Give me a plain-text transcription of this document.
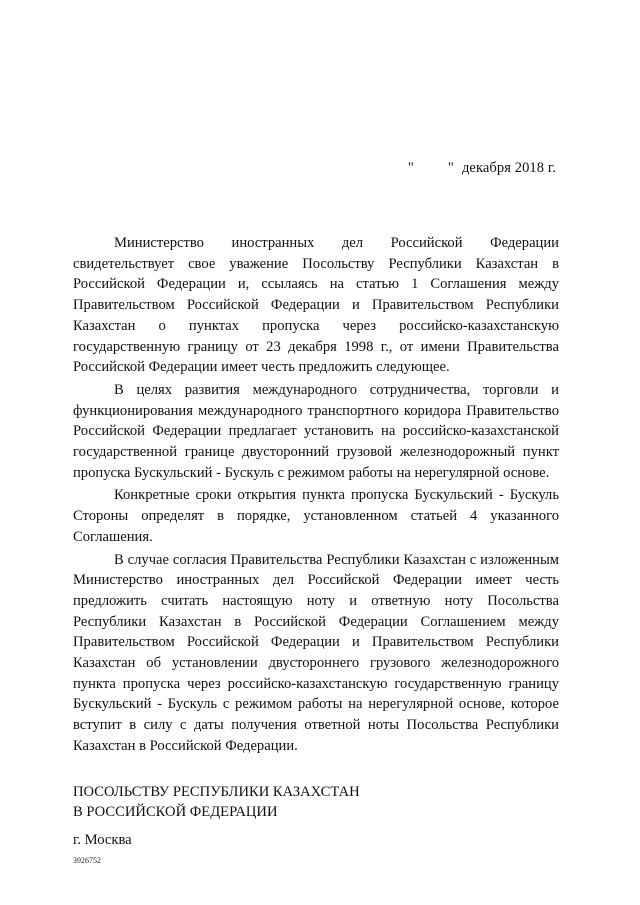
" " декабря 2018 г.

Министерство иностранных дел Российской Федерации свидетельствует свое уважение Посольству Республики Казахстан в Российской Федерации и, ссылаясь на статью 1 Соглашения между Правительством Российской Федерации и Правительством Республики Казахстан о пунктах пропуска через российско-казахстанскую государственную границу от 23 декабря 1998 г., от имени Правительства Российской Федерации имеет честь предложить следующее.

В целях развития международного сотрудничества, торговли и функционирования международного транспортного коридора Правительство Российской Федерации предлагает установить на российско-казахстанской государственной границе двусторонний грузовой железнодорожный пункт пропуска Бускульский - Бускуль с режимом работы на нерегулярной основе.

Конкретные сроки открытия пункта пропуска Бускульский - Бускуль Стороны определят в порядке, установленном статьей 4 указанного Соглашения.

В случае согласия Правительства Республики Казахстан с изложенным Министерство иностранных дел Российской Федерации имеет честь предложить считать настоящую ноту и ответную ноту Посольства Республики Казахстан в Российской Федерации Соглашением между Правительством Российской Федерации и Правительством Республики Казахстан об установлении двустороннего грузового железнодорожного пункта пропуска через российско-казахстанскую государственную границу Бускульский - Бускуль с режимом работы на нерегулярной основе, которое вступит в силу с даты получения ответной ноты Посольства Республики Казахстан в Российской Федерации.

ПОСОЛЬСТВУ РЕСПУБЛИКИ КАЗАХСТАН
В РОССИЙСКОЙ ФЕДЕРАЦИИ
г. Москва
3926752
